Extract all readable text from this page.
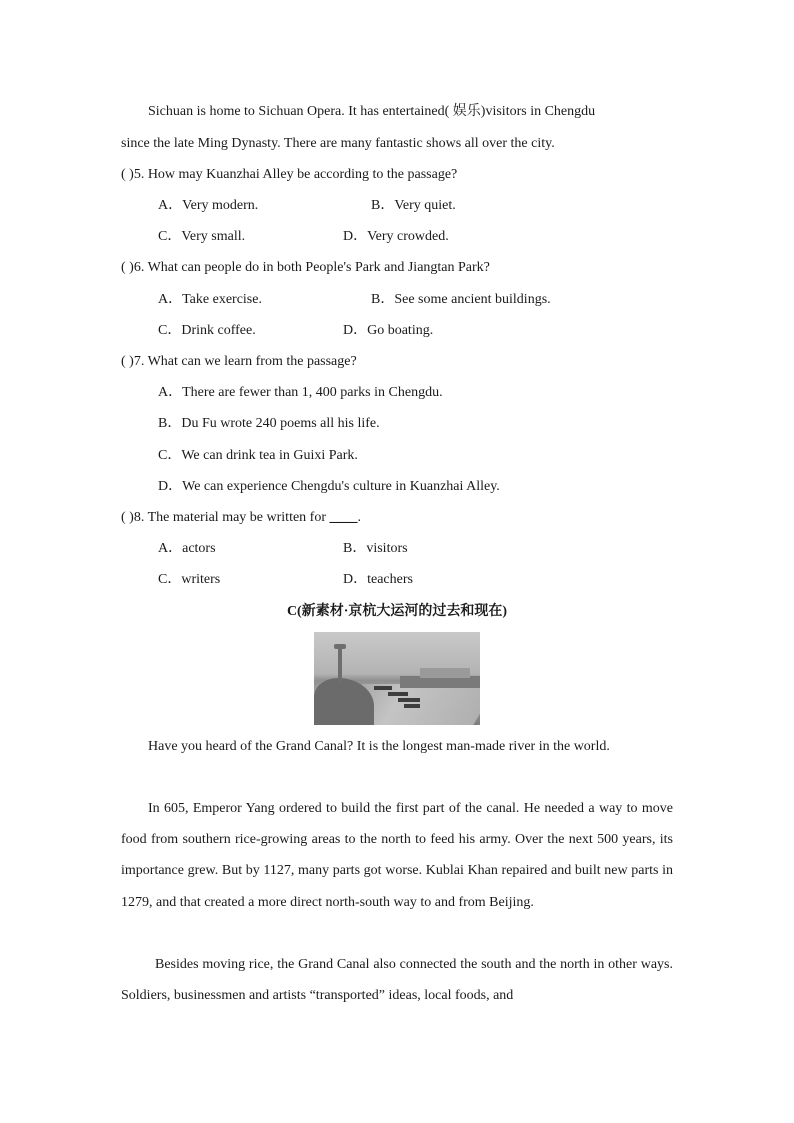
Sichuan is home to Sichuan Opera. It has entertained( 娱乐)visitors in Chengdu
since the late Ming Dynasty. There are many fantastic shows all over the city.
( )5. How may Kuanzhai Alley be according to the passage?
A．Very modern.	B．Very quiet.
C．Very small.	D．Very crowded.
( )6. What can people do in both People's Park and Jiangtan Park?
A．Take exercise.	B．See some ancient buildings.
C．Drink coffee.	D．Go boating.
( )7. What can we learn from the passage?
A．There are fewer than 1, 400 parks in Chengdu.
B．Du Fu wrote 240 poems all his life.
C．We can drink tea in Guixi Park.
D．We can experience Chengdu's culture in Kuanzhai Alley.
( )8. The material may be written for ____.
A．actors	B．visitors
C．writers	D．teachers
C(新素材·京杭大运河的过去和现在)
Have you heard of the Grand Canal? It is the longest man-made river in the world.
In 605, Emperor Yang ordered to build the first part of the canal. He needed a way to move food from southern rice-growing areas to the north to feed his army. Over the next 500 years, its importance grew. But by 1127, many parts got worse. Kublai Khan repaired and built new parts in 1279, and that created a more direct north-south way to and from Beijing.
Besides moving rice, the Grand Canal also connected the south and the north in other ways. Soldiers, businessmen and artists “transported” ideas, local foods, and
